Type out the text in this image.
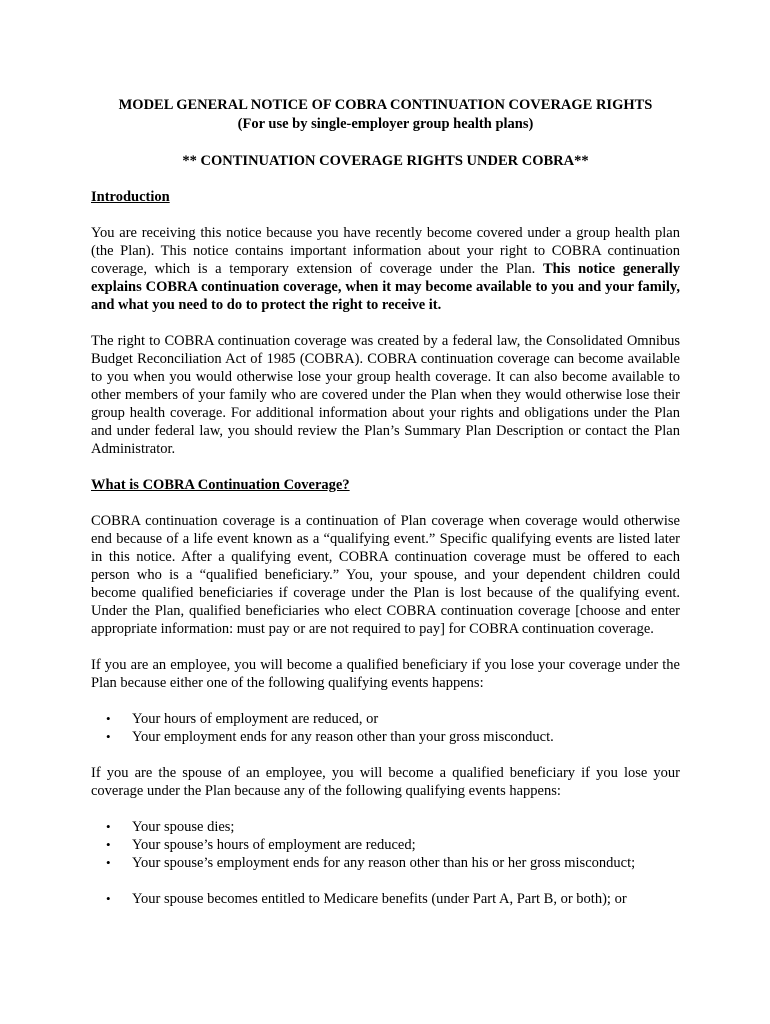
MODEL GENERAL NOTICE OF COBRA CONTINUATION COVERAGE RIGHTS
(For use by single-employer group health plans)
** CONTINUATION COVERAGE RIGHTS UNDER COBRA**

Introduction

You are receiving this notice because you have recently become covered under a group health plan (the Plan). This notice contains important information about your right to COBRA continuation coverage, which is a temporary extension of coverage under the Plan. This notice generally explains COBRA continuation coverage, when it may become available to you and your family, and what you need to do to protect the right to receive it.

The right to COBRA continuation coverage was created by a federal law, the Consolidated Omnibus Budget Reconciliation Act of 1985 (COBRA). COBRA continuation coverage can become available to you when you would otherwise lose your group health coverage. It can also become available to other members of your family who are covered under the Plan when they would otherwise lose their group health coverage. For additional information about your rights and obligations under the Plan and under federal law, you should review the Plan’s Summary Plan Description or contact the Plan Administrator.

What is COBRA Continuation Coverage?

COBRA continuation coverage is a continuation of Plan coverage when coverage would otherwise end because of a life event known as a “qualifying event.” Specific qualifying events are listed later in this notice. After a qualifying event, COBRA continuation coverage must be offered to each person who is a “qualified beneficiary.” You, your spouse, and your dependent children could become qualified beneficiaries if coverage under the Plan is lost because of the qualifying event. Under the Plan, qualified beneficiaries who elect COBRA continuation coverage [choose and enter appropriate information: must pay or are not required to pay] for COBRA continuation coverage.

If you are an employee, you will become a qualified beneficiary if you lose your coverage under the Plan because either one of the following qualifying events happens:

• Your hours of employment are reduced, or
• Your employment ends for any reason other than your gross misconduct.

If you are the spouse of an employee, you will become a qualified beneficiary if you lose your coverage under the Plan because any of the following qualifying events happens:

• Your spouse dies;
• Your spouse’s hours of employment are reduced;
• Your spouse’s employment ends for any reason other than his or her gross misconduct;
• Your spouse becomes entitled to Medicare benefits (under Part A, Part B, or both); or
